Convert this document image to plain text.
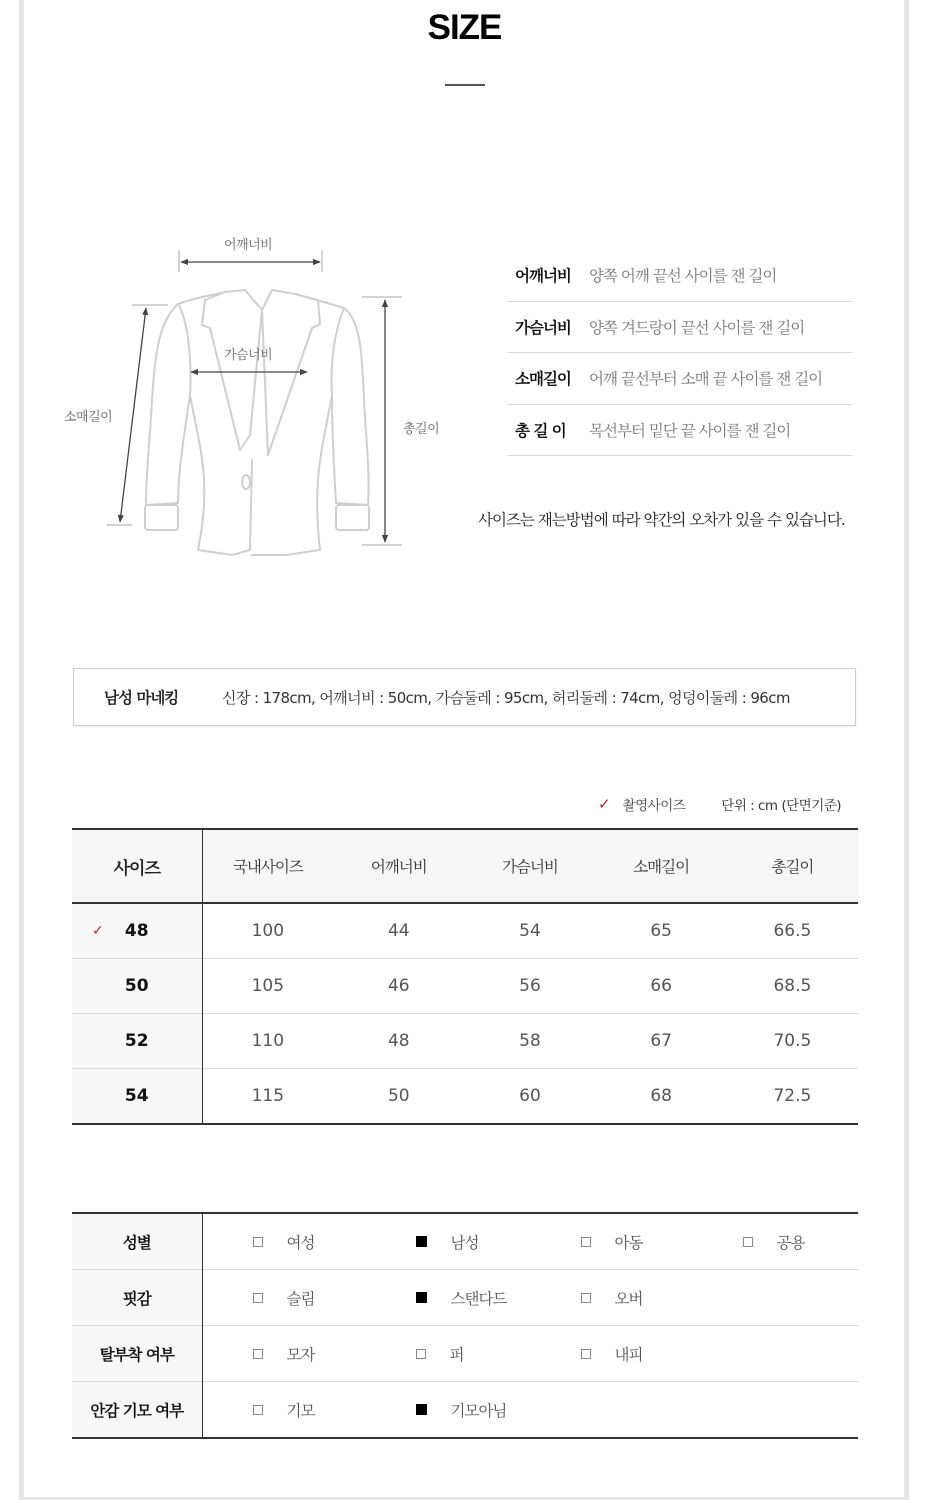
SIZE
어깨너비
가슴너비
소매길이
총길이
어깨너비	양쪽 어깨 끝선 사이를 잰 길이
가슴너비	양쪽 겨드랑이 끝선 사이를 잰 길이
소매길이	어깨 끝선부터 소매 끝 사이를 잰 길이
총 길 이	목선부터 밑단 끝 사이를 잰 길이

사이즈는 재는방법에 따라 약간의 오차가 있을 수 있습니다.

남성 마네킹	신장 : 178cm, 어깨너비 : 50cm, 가슴둘레 : 95cm, 허리둘레 : 74cm, 엉덩이둘레 : 96cm
✓ 촬영사이즈	단위 : cm (단면기준)
사이즈	국내사이즈	어깨너비	가슴너비	소매길이	총길이

✓ 48	100	44	54	65	66.5
50	105	46	56	66	68.5
52	110	48	58	67	70.5
54	115	50	60	68	72.5
성별	여성 남성 아동 공용

핏감	슬림 스탠다드 오버

탈부착 여부	모자 퍼 내피

안감 기모 여부	기모 기모아님
